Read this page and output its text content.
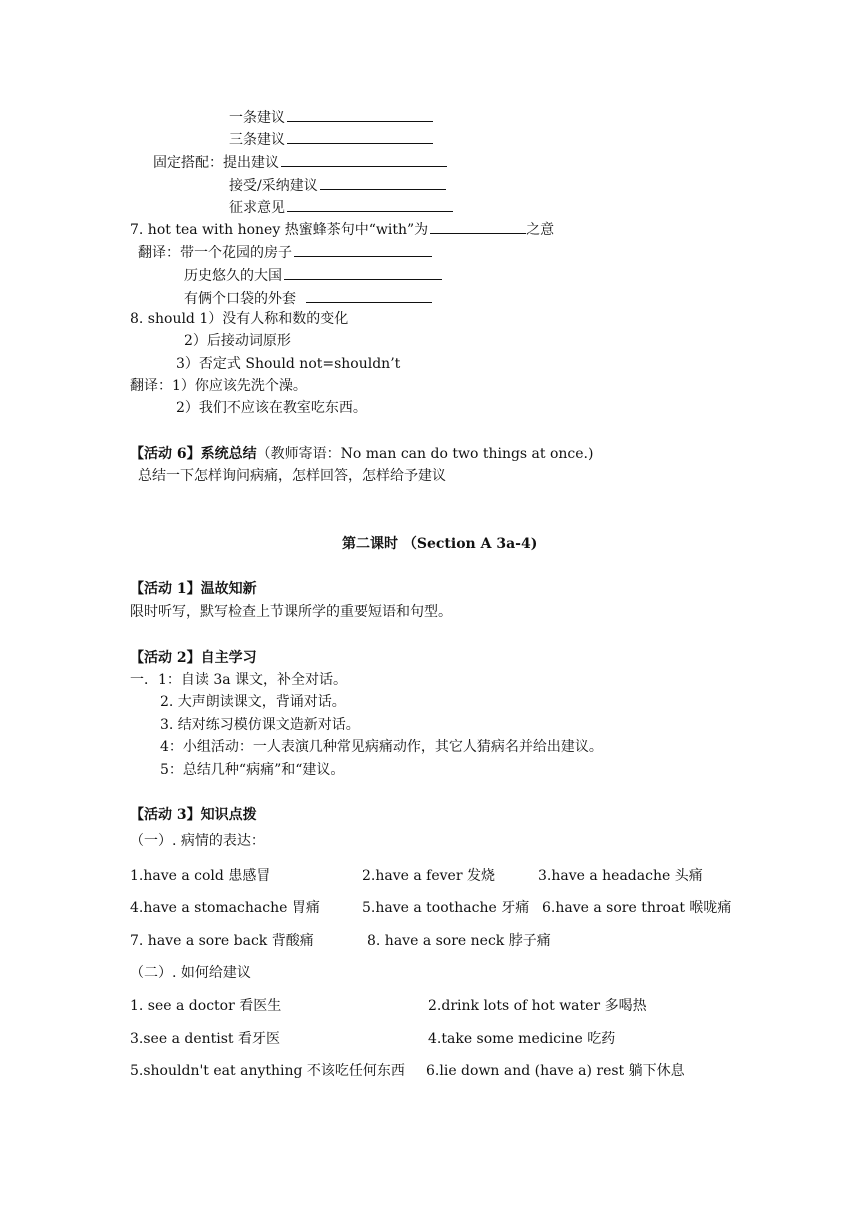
一条建议
三条建议
固定搭配：提出建议
接受/采纳建议
征求意见
7. hot tea with honey 热蜜蜂茶句中“with”为	之意
翻译：带一个花园的房子
历史悠久的大国
有俩个口袋的外套
8. should 1）没有人称和数的变化
2）后接动词原形
3）否定式 Should not=shouldn’t
翻译：1）你应该先洗个澡。
2）我们不应该在教室吃东西。
【活动 6】系统总结（教师寄语：No man can do two things at once.)
总结一下怎样询问病痛，怎样回答，怎样给予建议
第二课时 （Section A 3a-4)
【活动 1】温故知新
限时听写，默写检查上节课所学的重要短语和句型。
【活动 2】自主学习
一．1：自读 3a 课文，补全对话。
2. 大声朗读课文，背诵对话。
3. 结对练习模仿课文造新对话。
4：小组活动：一人表演几种常见病痛动作，其它人猜病名并给出建议。
5：总结几种“病痛”和“建议。
【活动 3】知识点拨
（一）. 病情的表达：
1.have a cold 患感冒	2.have a fever 发烧	3.have a headache 头痛
4.have a stomachache 胃痛	5.have a toothache 牙痛 6.have a sore throat 喉咙痛
7. have a sore back 背酸痛	8. have a sore neck 脖子痛
（二）. 如何给建议
1. see a doctor 看医生	2.drink lots of hot water 多喝热
3.see a dentist 看牙医	4.take some medicine 吃药
5.shouldn't eat anything 不该吃任何东西 6.lie down and (have a) rest 躺下休息
